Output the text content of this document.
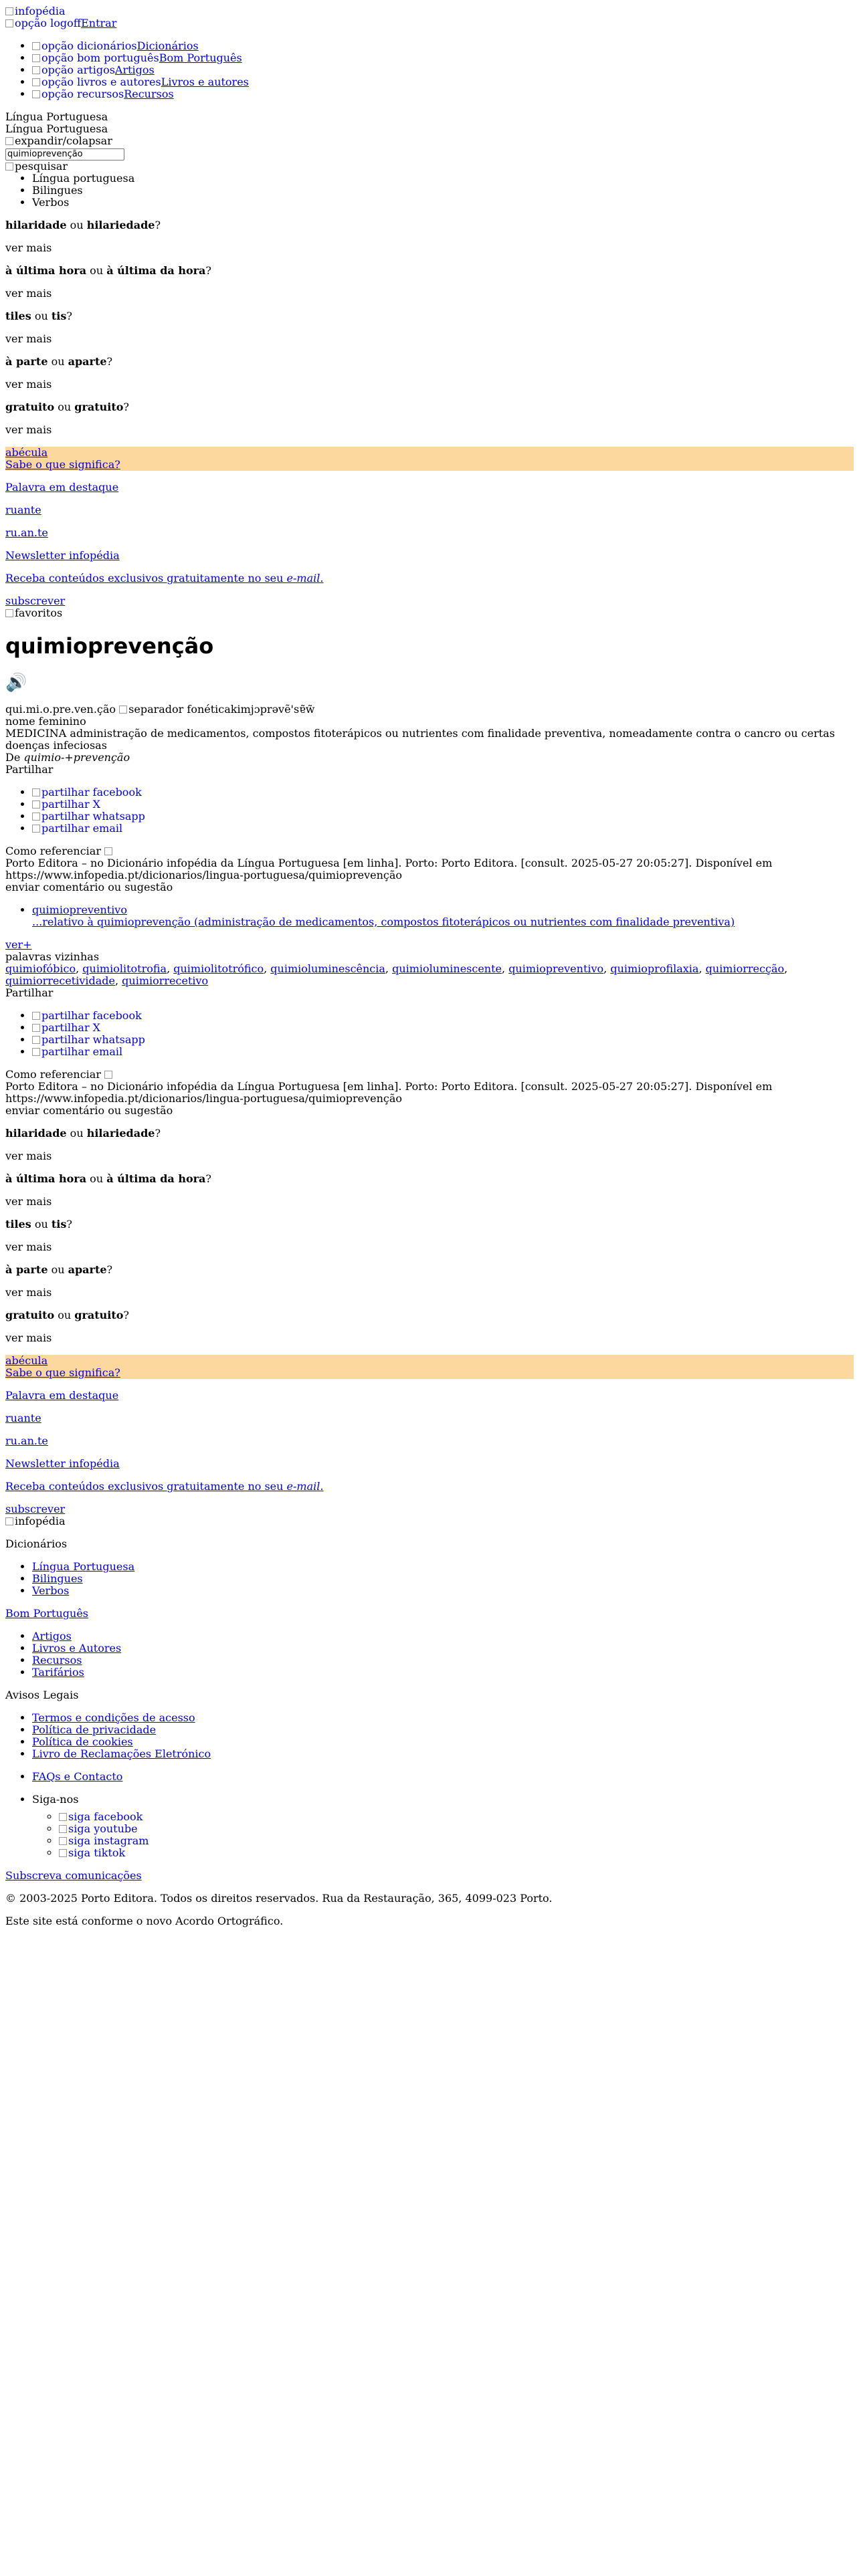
infopédia
opção logoffEntrar
• opção dicionáriosDicionários
• opção bom portuguêsBom Português
• opção artigosArtigos
• opção livros e autoresLivros e autores
• opção recursosRecursos
Língua Portuguesa
Língua Portuguesa
expandir/colapsar
quimioprevenção
pesquisar
• Língua portuguesa
• Bilingues
• Verbos

hilaridade ou hilariedade?

ver mais

à última hora ou à última da hora?

ver mais

tiles ou tis?

ver mais

à parte ou aparte?

ver mais

gratuito ou gratuito?

ver mais

abécula

Sabe o que significa?

Palavra em destaque

ruante

ru.an.te

Newsletter infopédia

Receba conteúdos exclusivos gratuitamente no seu e-mail.

subscrever
favoritos
quimioprevenção
🔊
qui.mi.o.pre.ven.ção separador fonéticakimjɔprəvẽ'sɐ̃w̃
nome feminino
MEDICINA administração de medicamentos, compostos fitoterápicos ou nutrientes com finalidade preventiva, nomeadamente contra o cancro ou certas doenças infeciosas
De quimio-+prevenção
Partilhar
• partilhar facebook
• partilhar X
• partilhar whatsapp
• partilhar email
Como referenciar
Porto Editora – no Dicionário infopédia da Língua Portuguesa [em linha]. Porto: Porto Editora. [consult. 2025-05-27 20:05:27]. Disponível em https://www.infopedia.pt/dicionarios/lingua-portuguesa/quimioprevenção
enviar comentário ou sugestão
• quimiopreventivo
...relativo à quimioprevenção (administração de medicamentos, compostos fitoterápicos ou nutrientes com finalidade preventiva)
ver+
palavras vizinhas
quimiofóbico, quimiolitotrofia, quimiolitotrófico, quimioluminescência, quimioluminescente, quimiopreventivo, quimioprofilaxia, quimiorrecção, quimiorrecetividade, quimiorrecetivo
Partilhar
• partilhar facebook
• partilhar X
• partilhar whatsapp
• partilhar email
Como referenciar
Porto Editora – no Dicionário infopédia da Língua Portuguesa [em linha]. Porto: Porto Editora. [consult. 2025-05-27 20:05:27]. Disponível em https://www.infopedia.pt/dicionarios/lingua-portuguesa/quimioprevenção
enviar comentário ou sugestão

hilaridade ou hilariedade?

ver mais

à última hora ou à última da hora?

ver mais

tiles ou tis?

ver mais

à parte ou aparte?

ver mais

gratuito ou gratuito?

ver mais

abécula

Sabe o que significa?

Palavra em destaque

ruante

ru.an.te

Newsletter infopédia

Receba conteúdos exclusivos gratuitamente no seu e-mail.

subscrever
infopédia

Dicionários

• Língua Portuguesa
• Bilingues
• Verbos

Bom Português

• Artigos
• Livros e Autores
• Recursos
• Tarifários

Avisos Legais

• Termos e condições de acesso
• Política de privacidade
• Política de cookies
• Livro de Reclamações Eletrónico
• FAQs e Contacto
• Siga-nos
◦ siga facebook
◦ siga youtube
◦ siga instagram
◦ siga tiktok

Subscreva comunicações

© 2003-2025 Porto Editora. Todos os direitos reservados. Rua da Restauração, 365, 4099-023 Porto.

Este site está conforme o novo Acordo Ortográfico.
